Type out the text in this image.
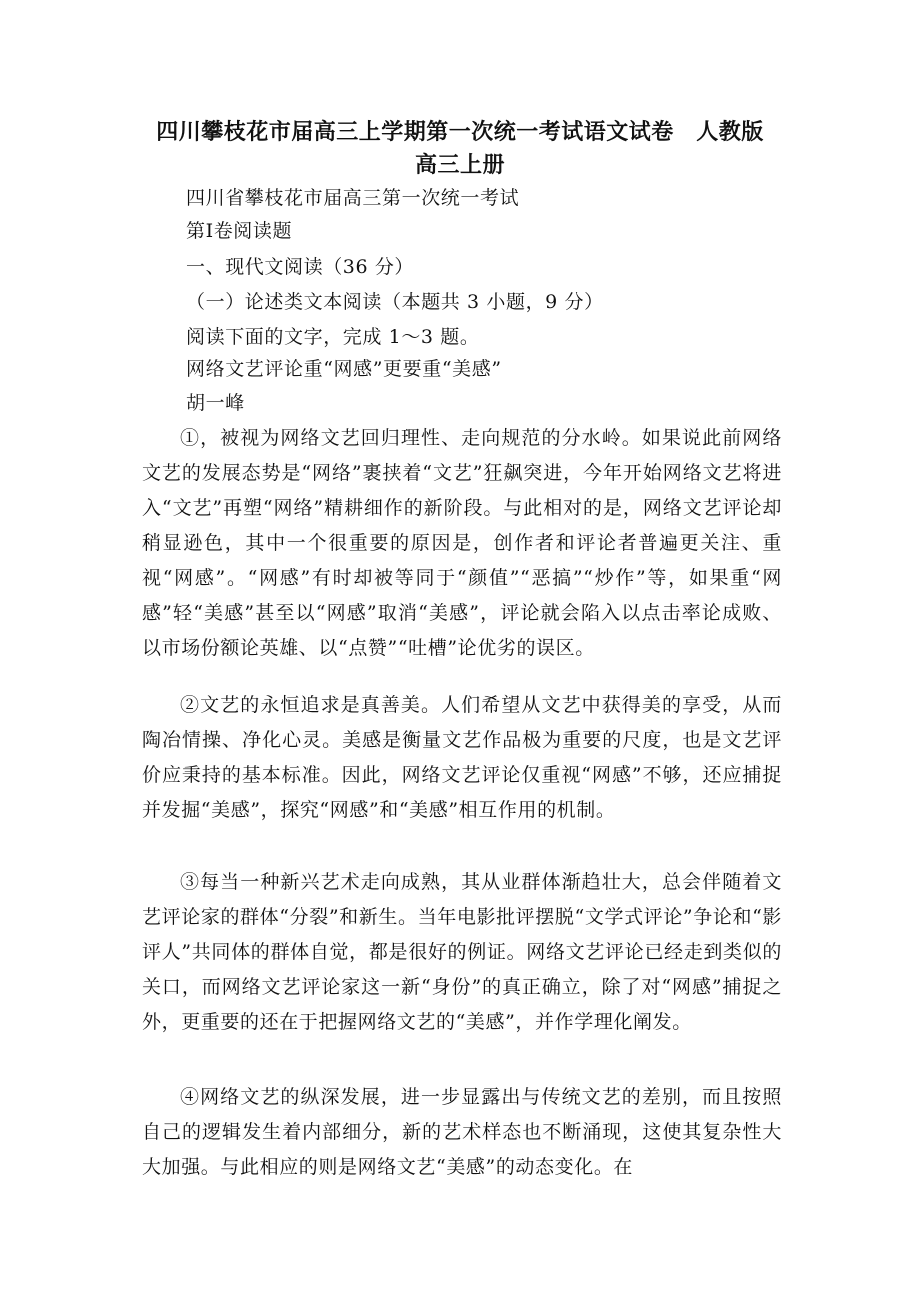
四川攀枝花市届高三上学期第一次统一考试语文试卷　人教版
高三上册
四川省攀枝花市届高三第一次统一考试
第Ⅰ卷阅读题
一、现代文阅读（36 分）
（一）论述类文本阅读（本题共 3 小题，9 分）
阅读下面的文字，完成 1～3 题。
网络文艺评论重“网感”更要重“美感”
胡一峰
①，被视为网络文艺回归理性、走向规范的分水岭。如果说此前网络文艺的发展态势是“网络”裹挟着“文艺”狂飙突进，今年开始网络文艺将进入“文艺”再塑“网络”精耕细作的新阶段。与此相对的是，网络文艺评论却稍显逊色，其中一个很重要的原因是，创作者和评论者普遍更关注、重视“网感”。“网感”有时却被等同于“颜值”“恶搞”“炒作”等，如果重“网感”轻“美感”甚至以“网感”取消“美感”，评论就会陷入以点击率论成败、以市场份额论英雄、以“点赞”“吐槽”论优劣的误区。
②文艺的永恒追求是真善美。人们希望从文艺中获得美的享受，从而陶冶情操、净化心灵。美感是衡量文艺作品极为重要的尺度，也是文艺评价应秉持的基本标准。因此，网络文艺评论仅重视“网感”不够，还应捕捉并发掘“美感”，探究“网感”和“美感”相互作用的机制。
③每当一种新兴艺术走向成熟，其从业群体渐趋壮大，总会伴随着文艺评论家的群体“分裂”和新生。当年电影批评摆脱“文学式评论”争论和“影评人”共同体的群体自觉，都是很好的例证。网络文艺评论已经走到类似的关口，而网络文艺评论家这一新“身份”的真正确立，除了对“网感”捕捉之外，更重要的还在于把握网络文艺的“美感”，并作学理化阐发。
④网络文艺的纵深发展，进一步显露出与传统文艺的差别，而且按照自己的逻辑发生着内部细分，新的艺术样态也不断涌现，这使其复杂性大大加强。与此相应的则是网络文艺“美感”的动态变化。在
